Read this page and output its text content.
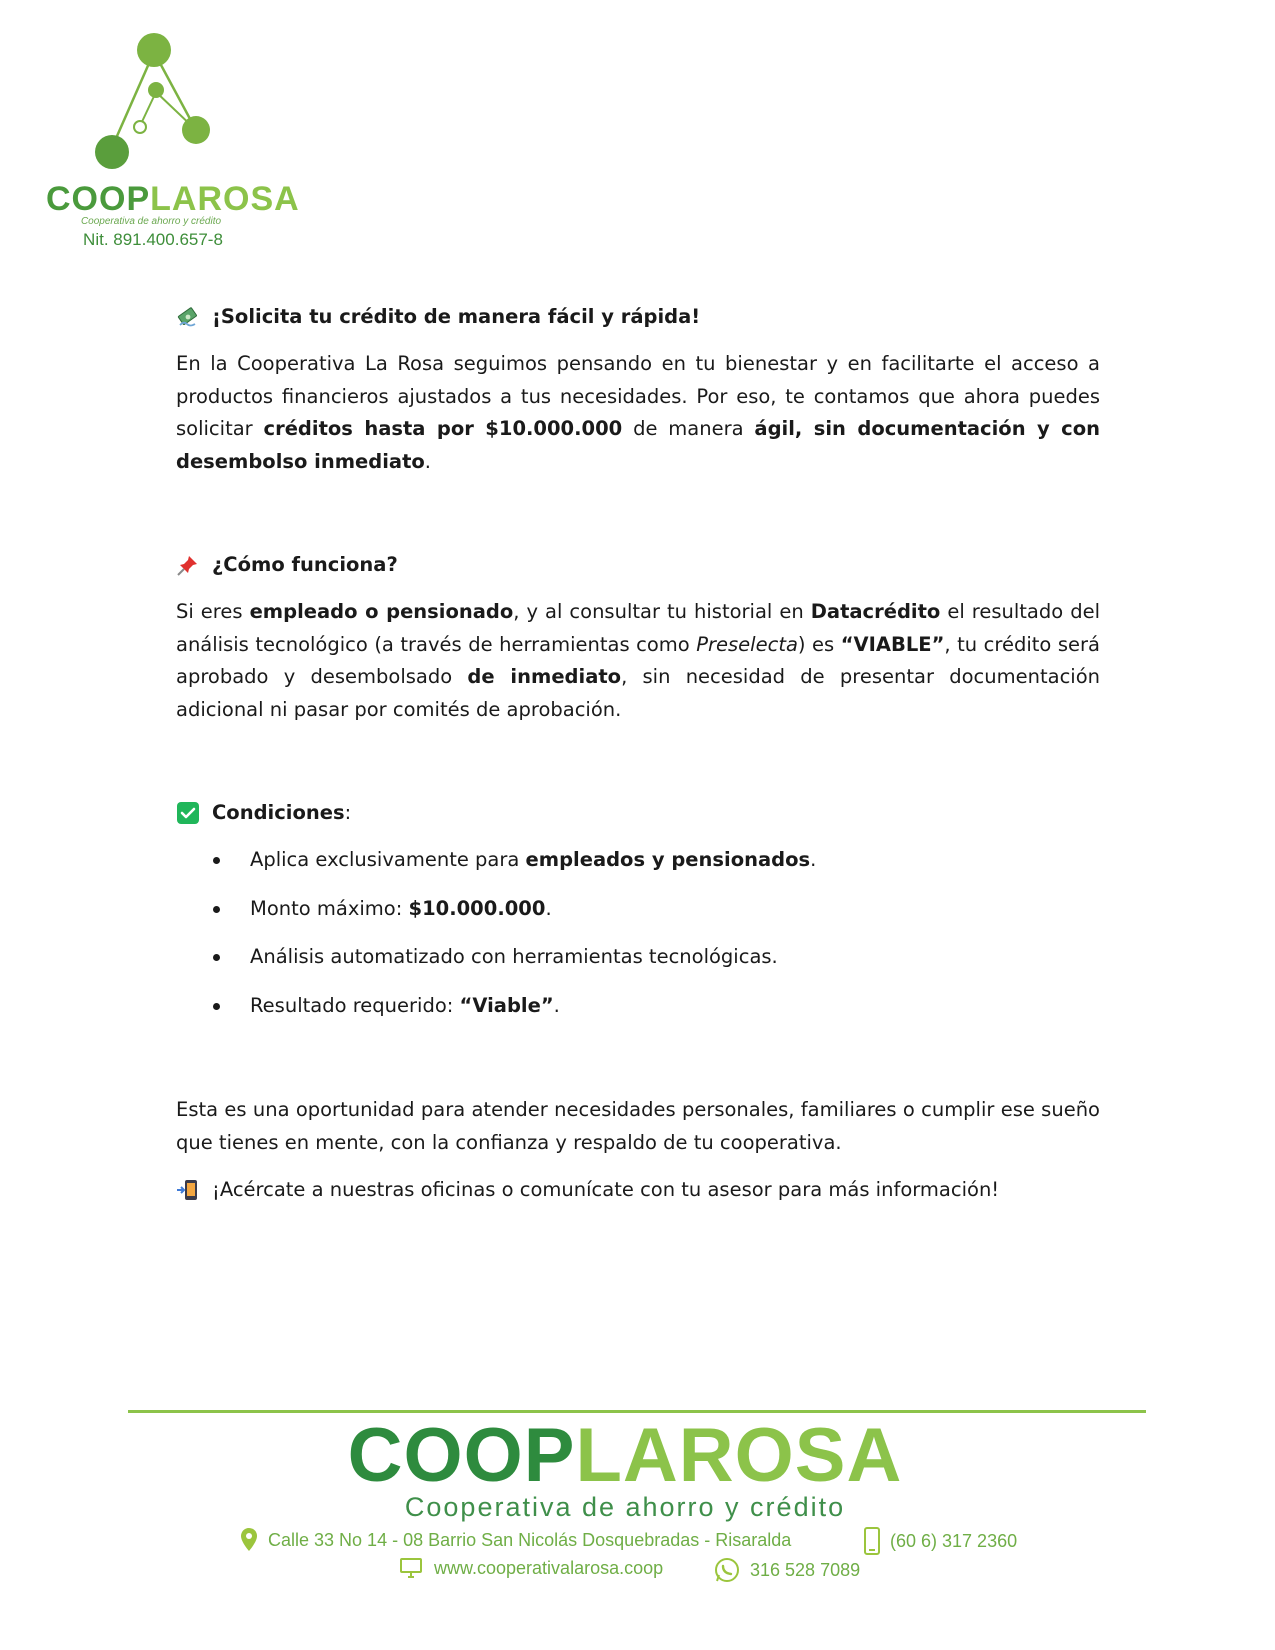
COOPLAROSA
Cooperativa de ahorro y crédito
Nit. 891.400.657-8
¡Solicita tu crédito de manera fácil y rápida!

En la Cooperativa La Rosa seguimos pensando en tu bienestar y en facilitarte el acceso a productos financieros ajustados a tus necesidades. Por eso, te contamos que ahora puedes solicitar créditos hasta por $10.000.000 de manera ágil, sin documentación y con desembolso inmediato.

¿Cómo funciona?

Si eres empleado o pensionado, y al consultar tu historial en Datacrédito el resultado del análisis tecnológico (a través de herramientas como Preselecta) es “VIABLE”, tu crédito será aprobado y desembolsado de inmediato, sin necesidad de presentar documentación adicional ni pasar por comités de aprobación.

Condiciones :
Aplica exclusivamente para empleados y pensionados.
Monto máximo: $10.000.000.
Análisis automatizado con herramientas tecnológicas.
Resultado requerido: “Viable”.

Esta es una oportunidad para atender necesidades personales, familiares o cumplir ese sueño que tienes en mente, con la confianza y respaldo de tu cooperativa.

¡Acércate a nuestras oficinas o comunícate con tu asesor para más información!
COOPLAROSA
Cooperativa de ahorro y crédito
Calle 33 No 14 - 08 Barrio San Nicolás Dosquebradas - Risaralda	(60 6) 317 2360
www.cooperativalarosa.coop	316 528 7089
